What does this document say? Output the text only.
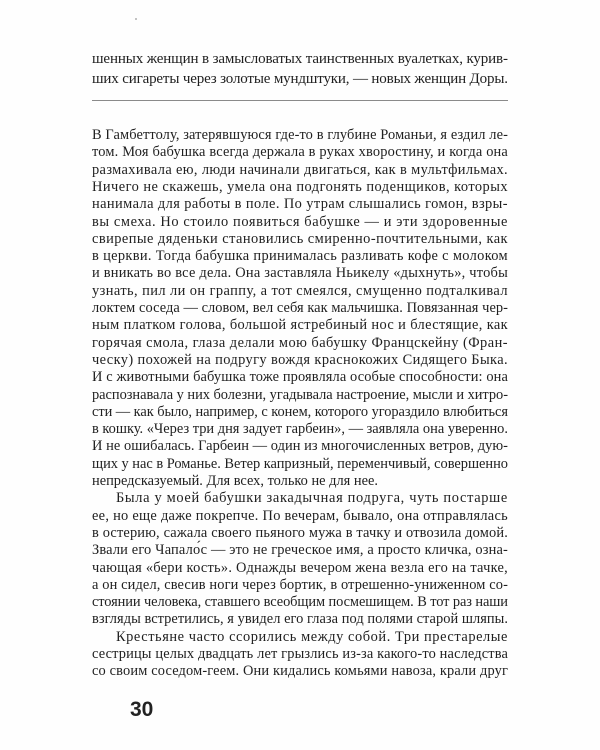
шенных женщин в замысловатых таинственных вуалетках, курив-

ших сигареты через золотые мундштуки, — новых женщин Доры.

В Гамбеттолу, затерявшуюся где-то в глубине Романьи, я ездил ле-

том. Моя бабушка всегда держала в руках хворостину, и когда она

размахивала ею, люди начинали двигаться, как в мультфильмах.

Ничего не скажешь, умела она подгонять поденщиков, которых

нанимала для работы в поле. По утрам слышались гомон, взры-

вы смеха. Но стоило появиться бабушке — и эти здоровенные

свирепые дяденьки становились смиренно-почтительными, как

в церкви. Тогда бабушка принималась разливать кофе с молоком

и вникать во все дела. Она заставляла Ньикелу «дыхнуть», чтобы

узнать, пил ли он граппу, а тот смеялся, смущенно подталкивал

локтем соседа — словом, вел себя как мальчишка. Повязанная чер-

ным платком голова, большой ястребиный нос и блестящие, как

горячая смола, глаза делали мою бабушку Францскейну (Фран-

ческу) похожей на подругу вождя краснокожих Сидящего Быка.

И с животными бабушка тоже проявляла особые способности: она

распознавала у них болезни, угадывала настроение, мысли и хитро-

сти — как было, например, с конем, которого угораздило влюбиться

в кошку. «Через три дня задует гарбеин», — заявляла она уверенно.

И не ошибалась. Гарбеин — один из многочисленных ветров, дую-

щих у нас в Романье. Ветер капризный, переменчивый, совершенно

непредсказуемый. Для всех, только не для нее.

Была у моей бабушки закадычная подруга, чуть постарше

ее, но еще даже покрепче. По вечерам, бывало, она отправлялась

в остерию, сажала своего пьяного мужа в тачку и отвозила домой.

Звали его Чапало́с — это не греческое имя, а просто кличка, озна-

чающая «бери кость». Однажды вечером жена везла его на тачке,

а он сидел, свесив ноги через бортик, в отрешенно-униженном со-

стоянии человека, ставшего всеобщим посмешищем. В тот раз наши

взгляды встретились, я увидел его глаза под полями старой шляпы.

Крестьяне часто ссорились между собой. Три престарелые

сестрицы целых двадцать лет грызлись из-за какого-то наследства

со своим соседом-геем. Они кидались комьями навоза, крали друг

30
